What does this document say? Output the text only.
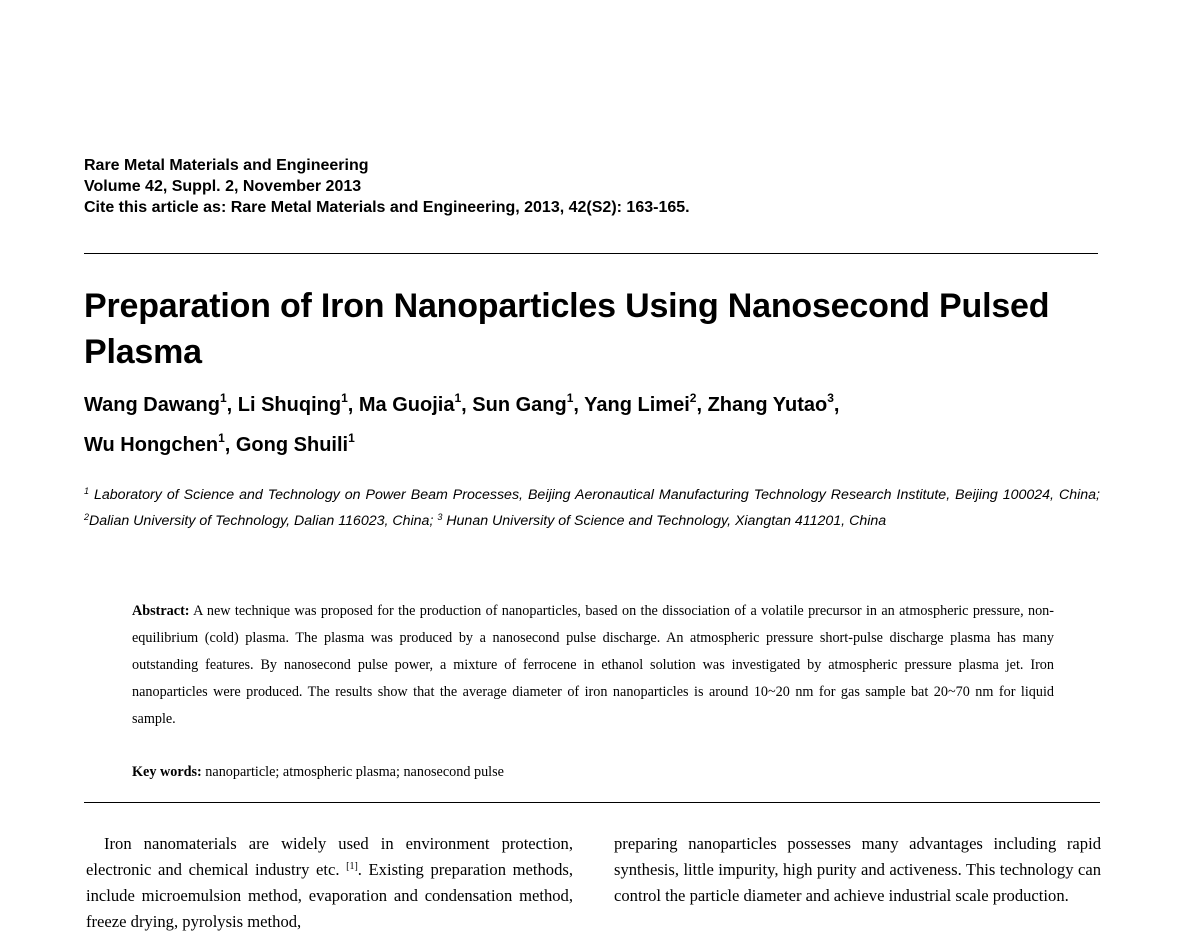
Rare Metal Materials and Engineering
Volume 42, Suppl. 2, November 2013
Cite this article as: Rare Metal Materials and Engineering, 2013, 42(S2): 163-165.
Preparation of Iron Nanoparticles Using Nanosecond Pulsed Plasma
Wang Dawang$^1$, Li Shuqing$^1$, Ma Guojia$^1$, Sun Gang$^1$, Yang Limei$^2$, Zhang Yutao$^3$,
Wu Hongchen$^1$, Gong Shuili$^1$
$^1$ Laboratory of Science and Technology on Power Beam Processes, Beijing Aeronautical Manufacturing Technology Research Institute, Beijing 100024, China; $^2$Dalian University of Technology, Dalian 116023, China; $^3$ Hunan University of Science and Technology, Xiangtan 411201, China
Abstract: A new technique was proposed for the production of nanoparticles, based on the dissociation of a volatile precursor in an atmospheric pressure, non-equilibrium (cold) plasma. The plasma was produced by a nanosecond pulse discharge. An atmospheric pressure short-pulse discharge plasma has many outstanding features. By nanosecond pulse power, a mixture of ferrocene in ethanol solution was investigated by atmospheric pressure plasma jet. Iron nanoparticles were produced. The results show that the average diameter of iron nanoparticles is around 10~20 nm for gas sample bat 20~70 nm for liquid sample.
Key words: nanoparticle; atmospheric plasma; nanosecond pulse
Iron nanomaterials are widely used in environment protection, electronic and chemical industry etc. [1]. Existing preparation methods, include microemulsion method, evaporation and condensation method, freeze drying, pyrolysis method,
preparing nanoparticles possesses many advantages including rapid synthesis, little impurity, high purity and activeness. This technology can control the particle diameter and achieve industrial scale production.
